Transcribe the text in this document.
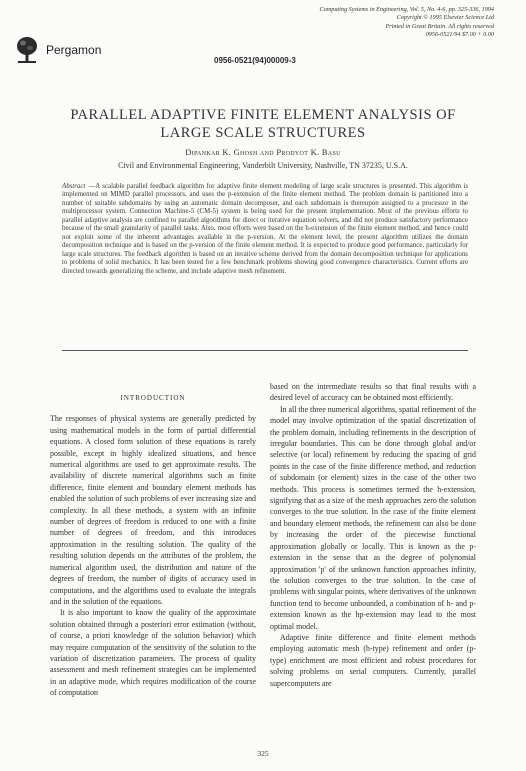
Pergamon
Computing Systems in Engineering, Vol. 5, No. 4-6, pp. 325-336, 1994
Copyright © 1995 Elsevier Science Ltd
Printed in Great Britain. All rights reserved
0956-0521/94 $7.00 + 0.00
0956-0521(94)00009-3
PARALLEL ADAPTIVE FINITE ELEMENT ANALYSIS OF
LARGE SCALE STRUCTURES
Dipankar K. Ghosh and Prodyot K. Basu
Civil and Environmental Engineering, Vanderbilt University, Nashville, TN 37235, U.S.A.
Abstract —A scalable parallel feedback algorithm for adaptive finite element modeling of large scale structures is presented. This algorithm is implemented on MIMD parallel processors, and uses the p-extension of the finite element method. The problem domain is partitioned into a number of suitable subdomains by using an automatic domain decomposer, and each subdomain is thereupon assigned to a processor in the multiprocessor system. Connection Machine-5 (CM-5) system is being used for the present implementation. Most of the previous efforts to parallel adaptive analysis are confined to parallel algorithms for direct or iterative equation solvers, and did not produce satisfactory performance because of the small granularity of parallel tasks. Also, most efforts were based on the h-extension of the finite element method, and hence could not exploit some of the inherent advantages available in the p-version. At the element level, the present algorithm utilizes the domain decomposition technique and is based on the p-version of the finite element method. It is expected to produce good performance, particularly for large scale structures. The feedback algorithm is based on an iterative scheme derived from the domain decomposition technique for applications to problems of solid mechanics. It has been tested for a few benchmark problems showing good convergence characteristics. Current efforts are directed towards generalizing the scheme, and include adaptive mesh refinement.
INTRODUCTION

The responses of physical systems are generally predicted by using mathematical models in the form of partial differential equations. A closed form solution of these equations is rarely possible, except in highly idealized situations, and hence numerical algorithms are used to get approximate results. The availability of discrete numerical algorithms such as finite difference, finite element and boundary element methods has enabled the solution of such problems of ever increasing size and complexity. In all these methods, a system with an infinite number of degrees of freedom is reduced to one with a finite number of degrees of freedom, and this introduces approximation in the resulting solution. The quality of the resulting solution depends on the attributes of the problem, the numerical algorithm used, the distribution and nature of the degrees of freedom, the number of digits of accuracy used in computations, and the algorithms used to evaluate the integrals and in the solution of the equations.

It is also important to know the quality of the approximate solution obtained through a posteriori error estimation (without, of course, a priori knowledge of the solution behavior) which may require computation of the sensitivity of the solution to the variation of discretization parameters. The process of quality assessment and mesh refinement strategies can be implemented in an adaptive mode, which requires modification of the course of computation

based on the intermediate results so that final results with a desired level of accuracy can be obtained most efficiently.

In all the three numerical algorithms, spatial refinement of the model may involve optimization of the spatial discretization of the problem domain, including refinements in the description of irregular boundaries. This can be done through global and/or selective (or local) refinement by reducing the spacing of grid points in the case of the finite difference method, and reduction of subdomain (or element) sizes in the case of the other two methods. This process is sometimes termed the h-extension, signifying that as a size of the mesh approaches zero the solution converges to the true solution. In the case of the finite element and boundary element methods, the refinement can also be done by increasing the order of the piecewise functional approximation globally or locally. This is known as the p-extension in the sense that as the degree of polynomial approximation 'p' of the unknown function approaches infinity, the solution converges to the true solution. In the case of problems with singular points, where derivatives of the unknown function tend to become unbounded, a combination of h- and p-extension known as the hp-extension may lead to the most optimal model.

Adaptive finite difference and finite element methods employing automatic mesh (h-type) refinement and order (p-type) enrichment are most efficient and robust procedures for solving problems on serial computers. Currently, parallel supercomputers are

325
